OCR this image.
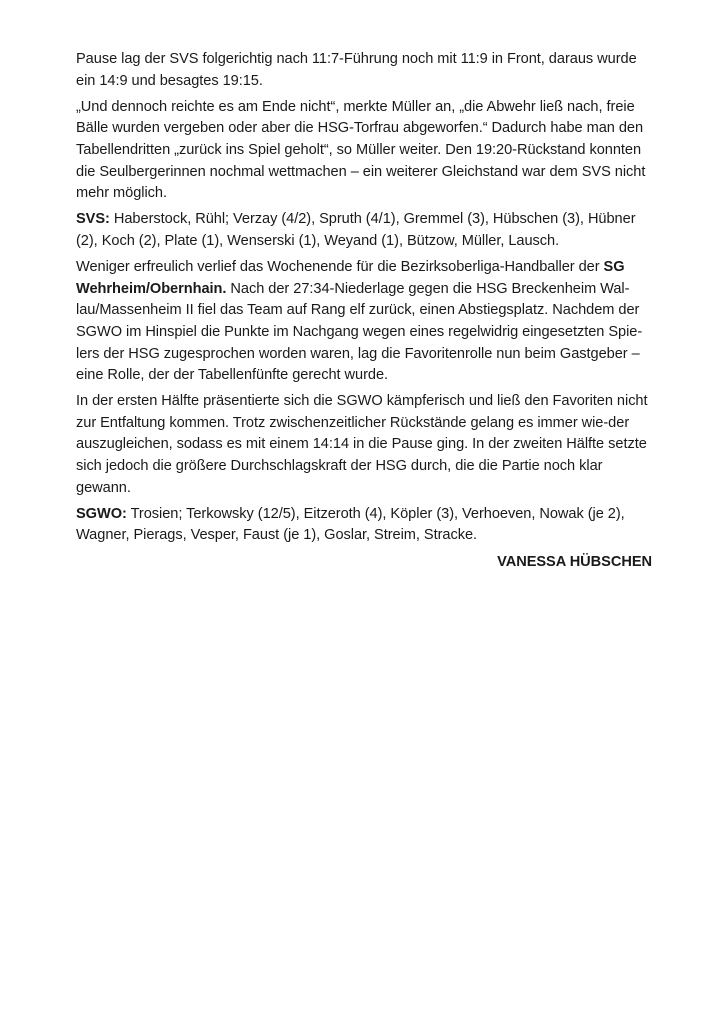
Pause lag der SVS folgerichtig nach 11:7-Führung noch mit 11:9 in Front, daraus wurde ein 14:9 und besagtes 19:15.

„Und dennoch reichte es am Ende nicht“, merkte Müller an, „die Abwehr ließ nach, freie Bälle wurden vergeben oder aber die HSG-Torfrau abgeworfen.“ Dadurch habe man den Tabellendritten „zurück ins Spiel geholt“, so Müller weiter. Den 19:20-Rückstand konnten die Seulbergerinnen nochmal wettmachen – ein weiterer Gleichstand war dem SVS nicht mehr möglich.

SVS: Haberstock, Rühl; Verzay (4/2), Spruth (4/1), Gremmel (3), Hübschen (3), Hübner (2), Koch (2), Plate (1), Wenserski (1), Weyand (1), Bützow, Müller, Lausch.

Weniger erfreulich verlief das Wochenende für die Bezirksoberliga-Handballer der SG Wehrheim/Obernhain. Nach der 27:34-Niederlage gegen die HSG Breckenheim Wal-lau/Massenheim II fiel das Team auf Rang elf zurück, einen Abstiegsplatz. Nachdem der SGWO im Hinspiel die Punkte im Nachgang wegen eines regelwidrig eingesetzten Spie-lers der HSG zugesprochen worden waren, lag die Favoritenrolle nun beim Gastgeber – eine Rolle, der der Tabellenfünfte gerecht wurde.

In der ersten Hälfte präsentierte sich die SGWO kämpferisch und ließ den Favoriten nicht zur Entfaltung kommen. Trotz zwischenzeitlicher Rückstände gelang es immer wie-der auszugleichen, sodass es mit einem 14:14 in die Pause ging. In der zweiten Hälfte setzte sich jedoch die größere Durchschlagskraft der HSG durch, die die Partie noch klar gewann.

SGWO: Trosien; Terkowsky (12/5), Eitzeroth (4), Köpler (3), Verhoeven, Nowak (je 2), Wagner, Pierags, Vesper, Faust (je 1), Goslar, Streim, Stracke.

VANESSA HÜBSCHEN
